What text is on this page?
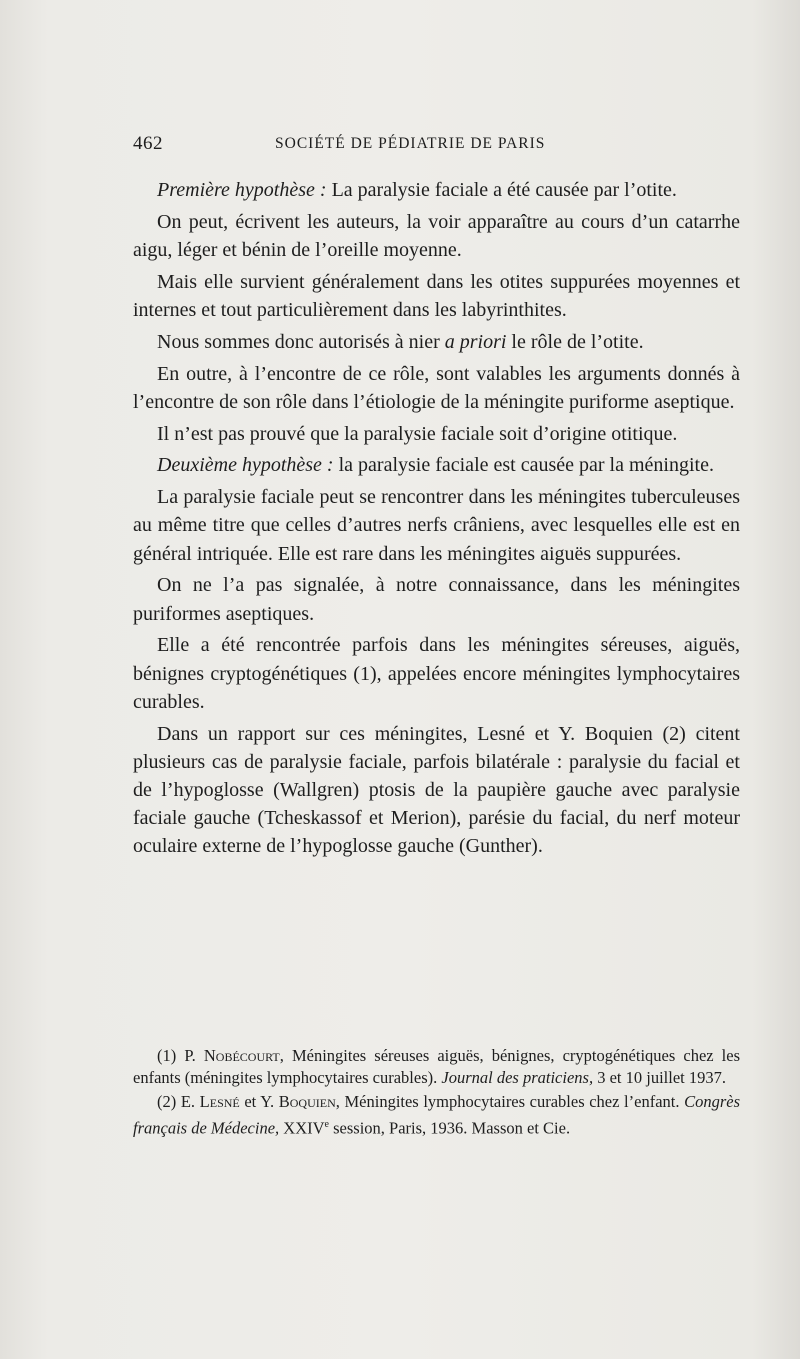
462	SOCIÉTÉ DE PÉDIATRIE DE PARIS

Première hypothèse : La paralysie faciale a été causée par l’otite.

On peut, écrivent les auteurs, la voir apparaître au cours d’un catarrhe aigu, léger et bénin de l’oreille moyenne.

Mais elle survient généralement dans les otites suppurées moyennes et internes et tout particulièrement dans les labyrinthites.

Nous sommes donc autorisés à nier a priori le rôle de l’otite.

En outre, à l’encontre de ce rôle, sont valables les arguments donnés à l’encontre de son rôle dans l’étiologie de la méningite puriforme aseptique.

Il n’est pas prouvé que la paralysie faciale soit d’origine otitique.

Deuxième hypothèse : la paralysie faciale est causée par la méningite.

La paralysie faciale peut se rencontrer dans les méningites tuberculeuses au même titre que celles d’autres nerfs crâniens, avec lesquelles elle est en général intriquée. Elle est rare dans les méningites aiguës suppurées.

On ne l’a pas signalée, à notre connaissance, dans les méningites puriformes aseptiques.

Elle a été rencontrée parfois dans les méningites séreuses, aiguës, bénignes cryptogénétiques (1), appelées encore méningites lymphocytaires curables.

Dans un rapport sur ces méningites, Lesné et Y. Boquien (2) citent plusieurs cas de paralysie faciale, parfois bilatérale : paralysie du facial et de l’hypoglosse (Wallgren) ptosis de la paupière gauche avec paralysie faciale gauche (Tcheskassof et Merion), parésie du facial, du nerf moteur oculaire externe de l’hypoglosse gauche (Gunther).

(1) P. Nobécourt, Méningites séreuses aiguës, bénignes, cryptogénétiques chez les enfants (méningites lymphocytaires curables). Journal des praticiens, 3 et 10 juillet 1937.

(2) E. Lesné et Y. Boquien, Méningites lymphocytaires curables chez l’enfant. Congrès français de Médecine, XXIVe session, Paris, 1936. Masson et Cie.
